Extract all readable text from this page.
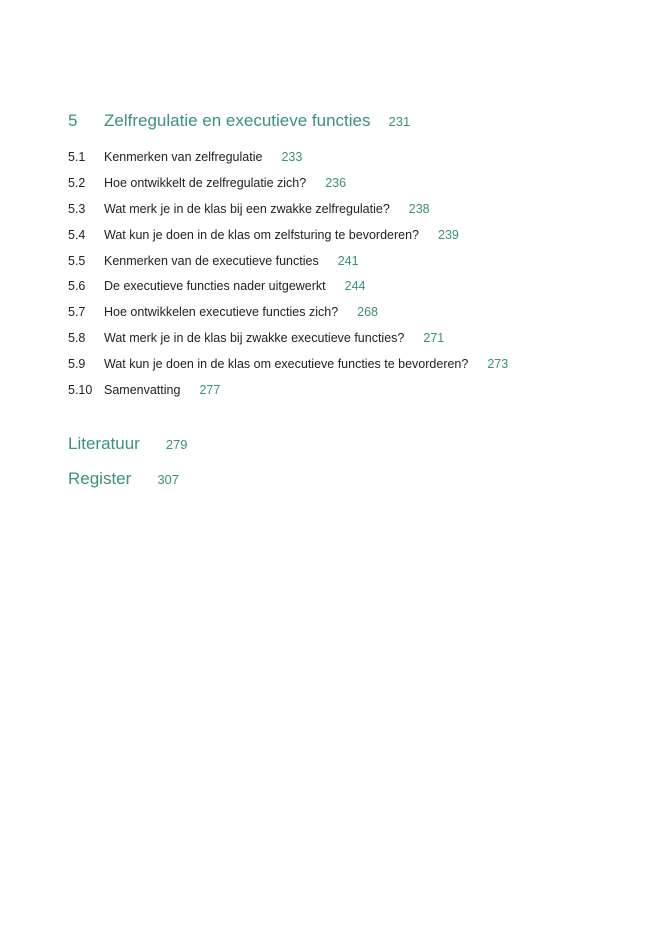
5	Zelfregulatie en executieve functies 231
5.1	Kenmerken van zelfregulatie 233
5.2	Hoe ontwikkelt de zelfregulatie zich? 236
5.3	Wat merk je in de klas bij een zwakke zelfregulatie? 238
5.4	Wat kun je doen in de klas om zelfsturing te bevorderen? 239
5.5	Kenmerken van de executieve functies 241
5.6	De executieve functies nader uitgewerkt 244
5.7	Hoe ontwikkelen executieve functies zich? 268
5.8	Wat merk je in de klas bij zwakke executieve functies? 271
5.9	Wat kun je doen in de klas om executieve functies te bevorderen? 273
5.10 Samenvatting 277
Literatuur 279
Register 307
